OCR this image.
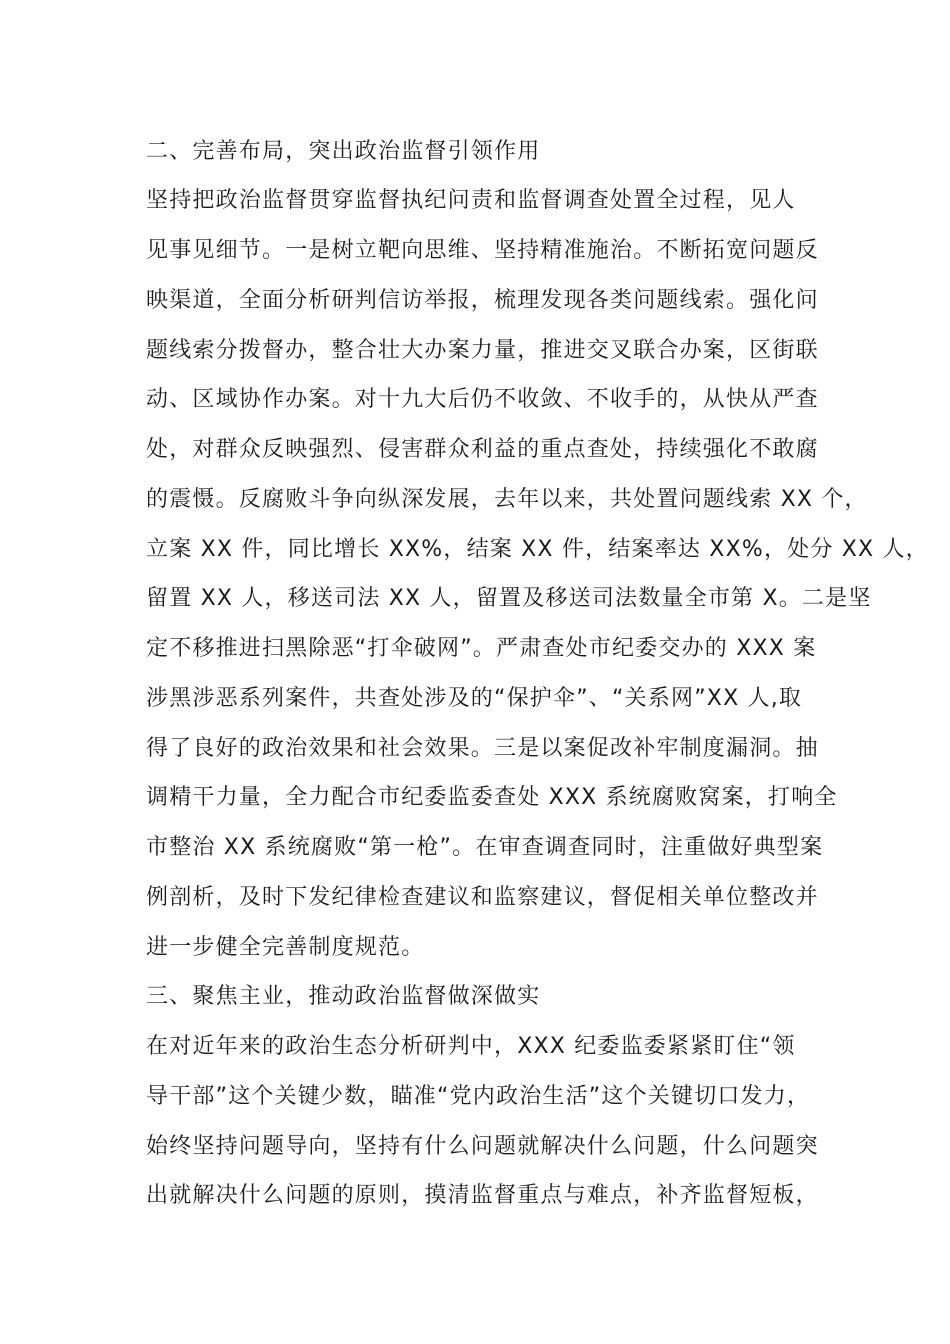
二、完善布局，突出政治监督引领作用
坚持把政治监督贯穿监督执纪问责和监督调查处置全过程，见人
见事见细节。一是树立靶向思维、坚持精准施治。不断拓宽问题反
映渠道，全面分析研判信访举报，梳理发现各类问题线索。强化问
题线索分拨督办，整合壮大办案力量，推进交叉联合办案，区街联
动、区域协作办案。对十九大后仍不收敛、不收手的，从快从严查
处，对群众反映强烈、侵害群众利益的重点查处，持续强化不敢腐
的震慑。反腐败斗争向纵深发展，去年以来，共处置问题线索 XX 个，
立案 XX 件，同比增长 XX%，结案 XX 件，结案率达 XX%，处分 XX 人，
留置 XX 人，移送司法 XX 人，留置及移送司法数量全市第 X。二是坚
定不移推进扫黑除恶“打伞破网”。严肃查处市纪委交办的 XXX 案
涉黑涉恶系列案件，共查处涉及的“保护伞”、“关系网”XX 人,取
得了良好的政治效果和社会效果。三是以案促改补牢制度漏洞。抽
调精干力量，全力配合市纪委监委查处 XXX 系统腐败窝案，打响全
市整治 XX 系统腐败“第一枪”。在审查调查同时，注重做好典型案
例剖析，及时下发纪律检查建议和监察建议，督促相关单位整改并
进一步健全完善制度规范。
三、聚焦主业，推动政治监督做深做实
在对近年来的政治生态分析研判中，XXX 纪委监委紧紧盯住“领
导干部”这个关键少数，瞄准“党内政治生活”这个关键切口发力，
始终坚持问题导向，坚持有什么问题就解决什么问题，什么问题突
出就解决什么问题的原则，摸清监督重点与难点，补齐监督短板，
